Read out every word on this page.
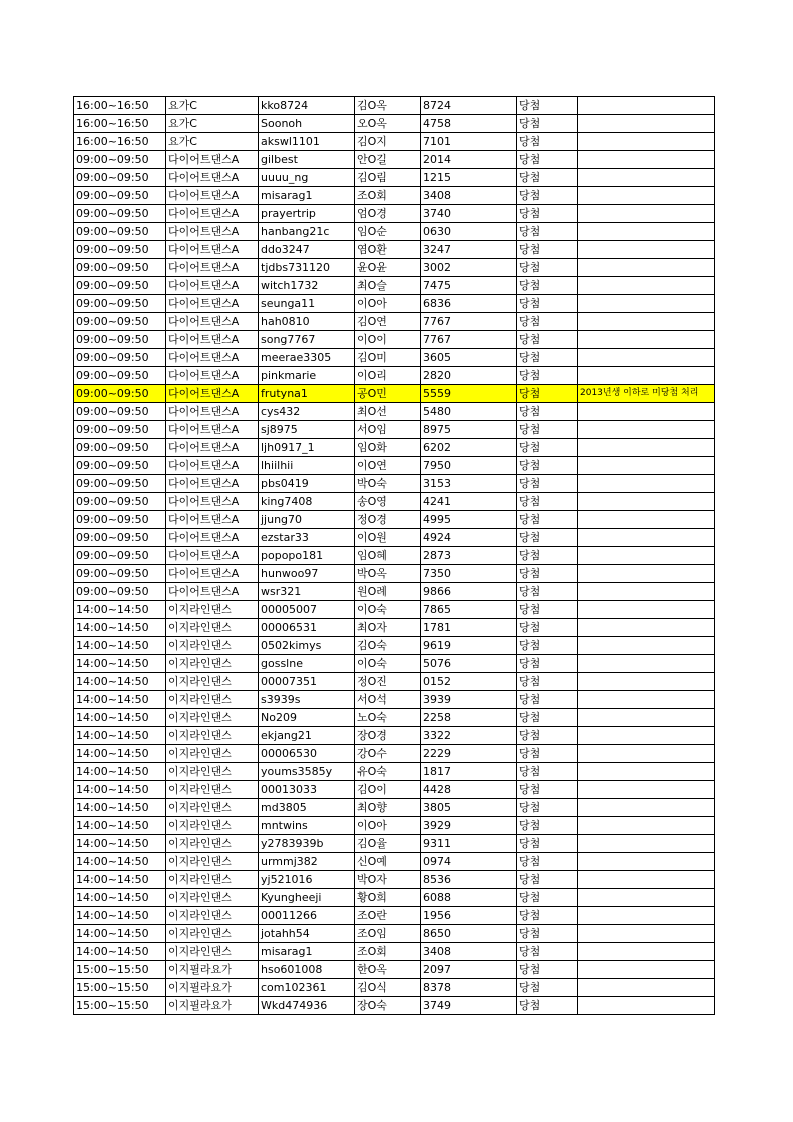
16:00~16:50	요가C	kko8724	김O옥	8724	당첨	
16:00~16:50	요가C	Soonoh	오O옥	4758	당첨	
16:00~16:50	요가C	akswl1101	김O지	7101	당첨	
09:00~09:50	다이어트댄스A	gilbest	안O길	2014	당첨	
09:00~09:50	다이어트댄스A	uuuu_ng	김O림	1215	당첨	
09:00~09:50	다이어트댄스A	misarag1	조O회	3408	당첨	
09:00~09:50	다이어트댄스A	prayertrip	엄O경	3740	당첨	
09:00~09:50	다이어트댄스A	hanbang21c	임O순	0630	당첨	
09:00~09:50	다이어트댄스A	ddo3247	염O환	3247	당첨	
09:00~09:50	다이어트댄스A	tjdbs731120	윤O윤	3002	당첨	
09:00~09:50	다이어트댄스A	witch1732	최O슬	7475	당첨	
09:00~09:50	다이어트댄스A	seunga11	이O아	6836	당첨	
09:00~09:50	다이어트댄스A	hah0810	김O연	7767	당첨	
09:00~09:50	다이어트댄스A	song7767	이O이	7767	당첨	
09:00~09:50	다이어트댄스A	meerae3305	김O미	3605	당첨	
09:00~09:50	다이어트댄스A	pinkmarie	이O리	2820	당첨	
09:00~09:50	다이어트댄스A	frutyna1	공O민	5559	당첨	2013년생 이하로 미당첨 처리
09:00~09:50	다이어트댄스A	cys432	최O선	5480	당첨	
09:00~09:50	다이어트댄스A	sj8975	서O임	8975	당첨	
09:00~09:50	다이어트댄스A	ljh0917_1	임O화	6202	당첨	
09:00~09:50	다이어트댄스A	lhiilhii	이O연	7950	당첨	
09:00~09:50	다이어트댄스A	pbs0419	박O숙	3153	당첨	
09:00~09:50	다이어트댄스A	king7408	송O영	4241	당첨	
09:00~09:50	다이어트댄스A	jjung70	정O경	4995	당첨	
09:00~09:50	다이어트댄스A	ezstar33	이O원	4924	당첨	
09:00~09:50	다이어트댄스A	popopo181	임O혜	2873	당첨	
09:00~09:50	다이어트댄스A	hunwoo97	박O옥	7350	당첨	
09:00~09:50	다이어트댄스A	wsr321	원O례	9866	당첨	
14:00~14:50	이지라인댄스	00005007	이O숙	7865	당첨	
14:00~14:50	이지라인댄스	00006531	최O자	1781	당첨	
14:00~14:50	이지라인댄스	0502kimys	김O숙	9619	당첨	
14:00~14:50	이지라인댄스	gosslne	이O숙	5076	당첨	
14:00~14:50	이지라인댄스	00007351	정O진	0152	당첨	
14:00~14:50	이지라인댄스	s3939s	서O석	3939	당첨	
14:00~14:50	이지라인댄스	No209	노O숙	2258	당첨	
14:00~14:50	이지라인댄스	ekjang21	장O경	3322	당첨	
14:00~14:50	이지라인댄스	00006530	강O수	2229	당첨	
14:00~14:50	이지라인댄스	youms3585y	유O숙	1817	당첨	
14:00~14:50	이지라인댄스	00013033	김O이	4428	당첨	
14:00~14:50	이지라인댄스	md3805	최O향	3805	당첨	
14:00~14:50	이지라인댄스	mntwins	이O아	3929	당첨	
14:00~14:50	이지라인댄스	y2783939b	김O율	9311	당첨	
14:00~14:50	이지라인댄스	urmmj382	신O예	0974	당첨	
14:00~14:50	이지라인댄스	yj521016	박O자	8536	당첨	
14:00~14:50	이지라인댄스	Kyungheeji	황O희	6088	당첨	
14:00~14:50	이지라인댄스	00011266	조O란	1956	당첨	
14:00~14:50	이지라인댄스	jotahh54	조O임	8650	당첨	
14:00~14:50	이지라인댄스	misarag1	조O회	3408	당첨	
15:00~15:50	이지필라요가	hso601008	한O옥	2097	당첨	
15:00~15:50	이지필라요가	com102361	김O식	8378	당첨	
15:00~15:50	이지필라요가	Wkd474936	장O숙	3749	당첨	
